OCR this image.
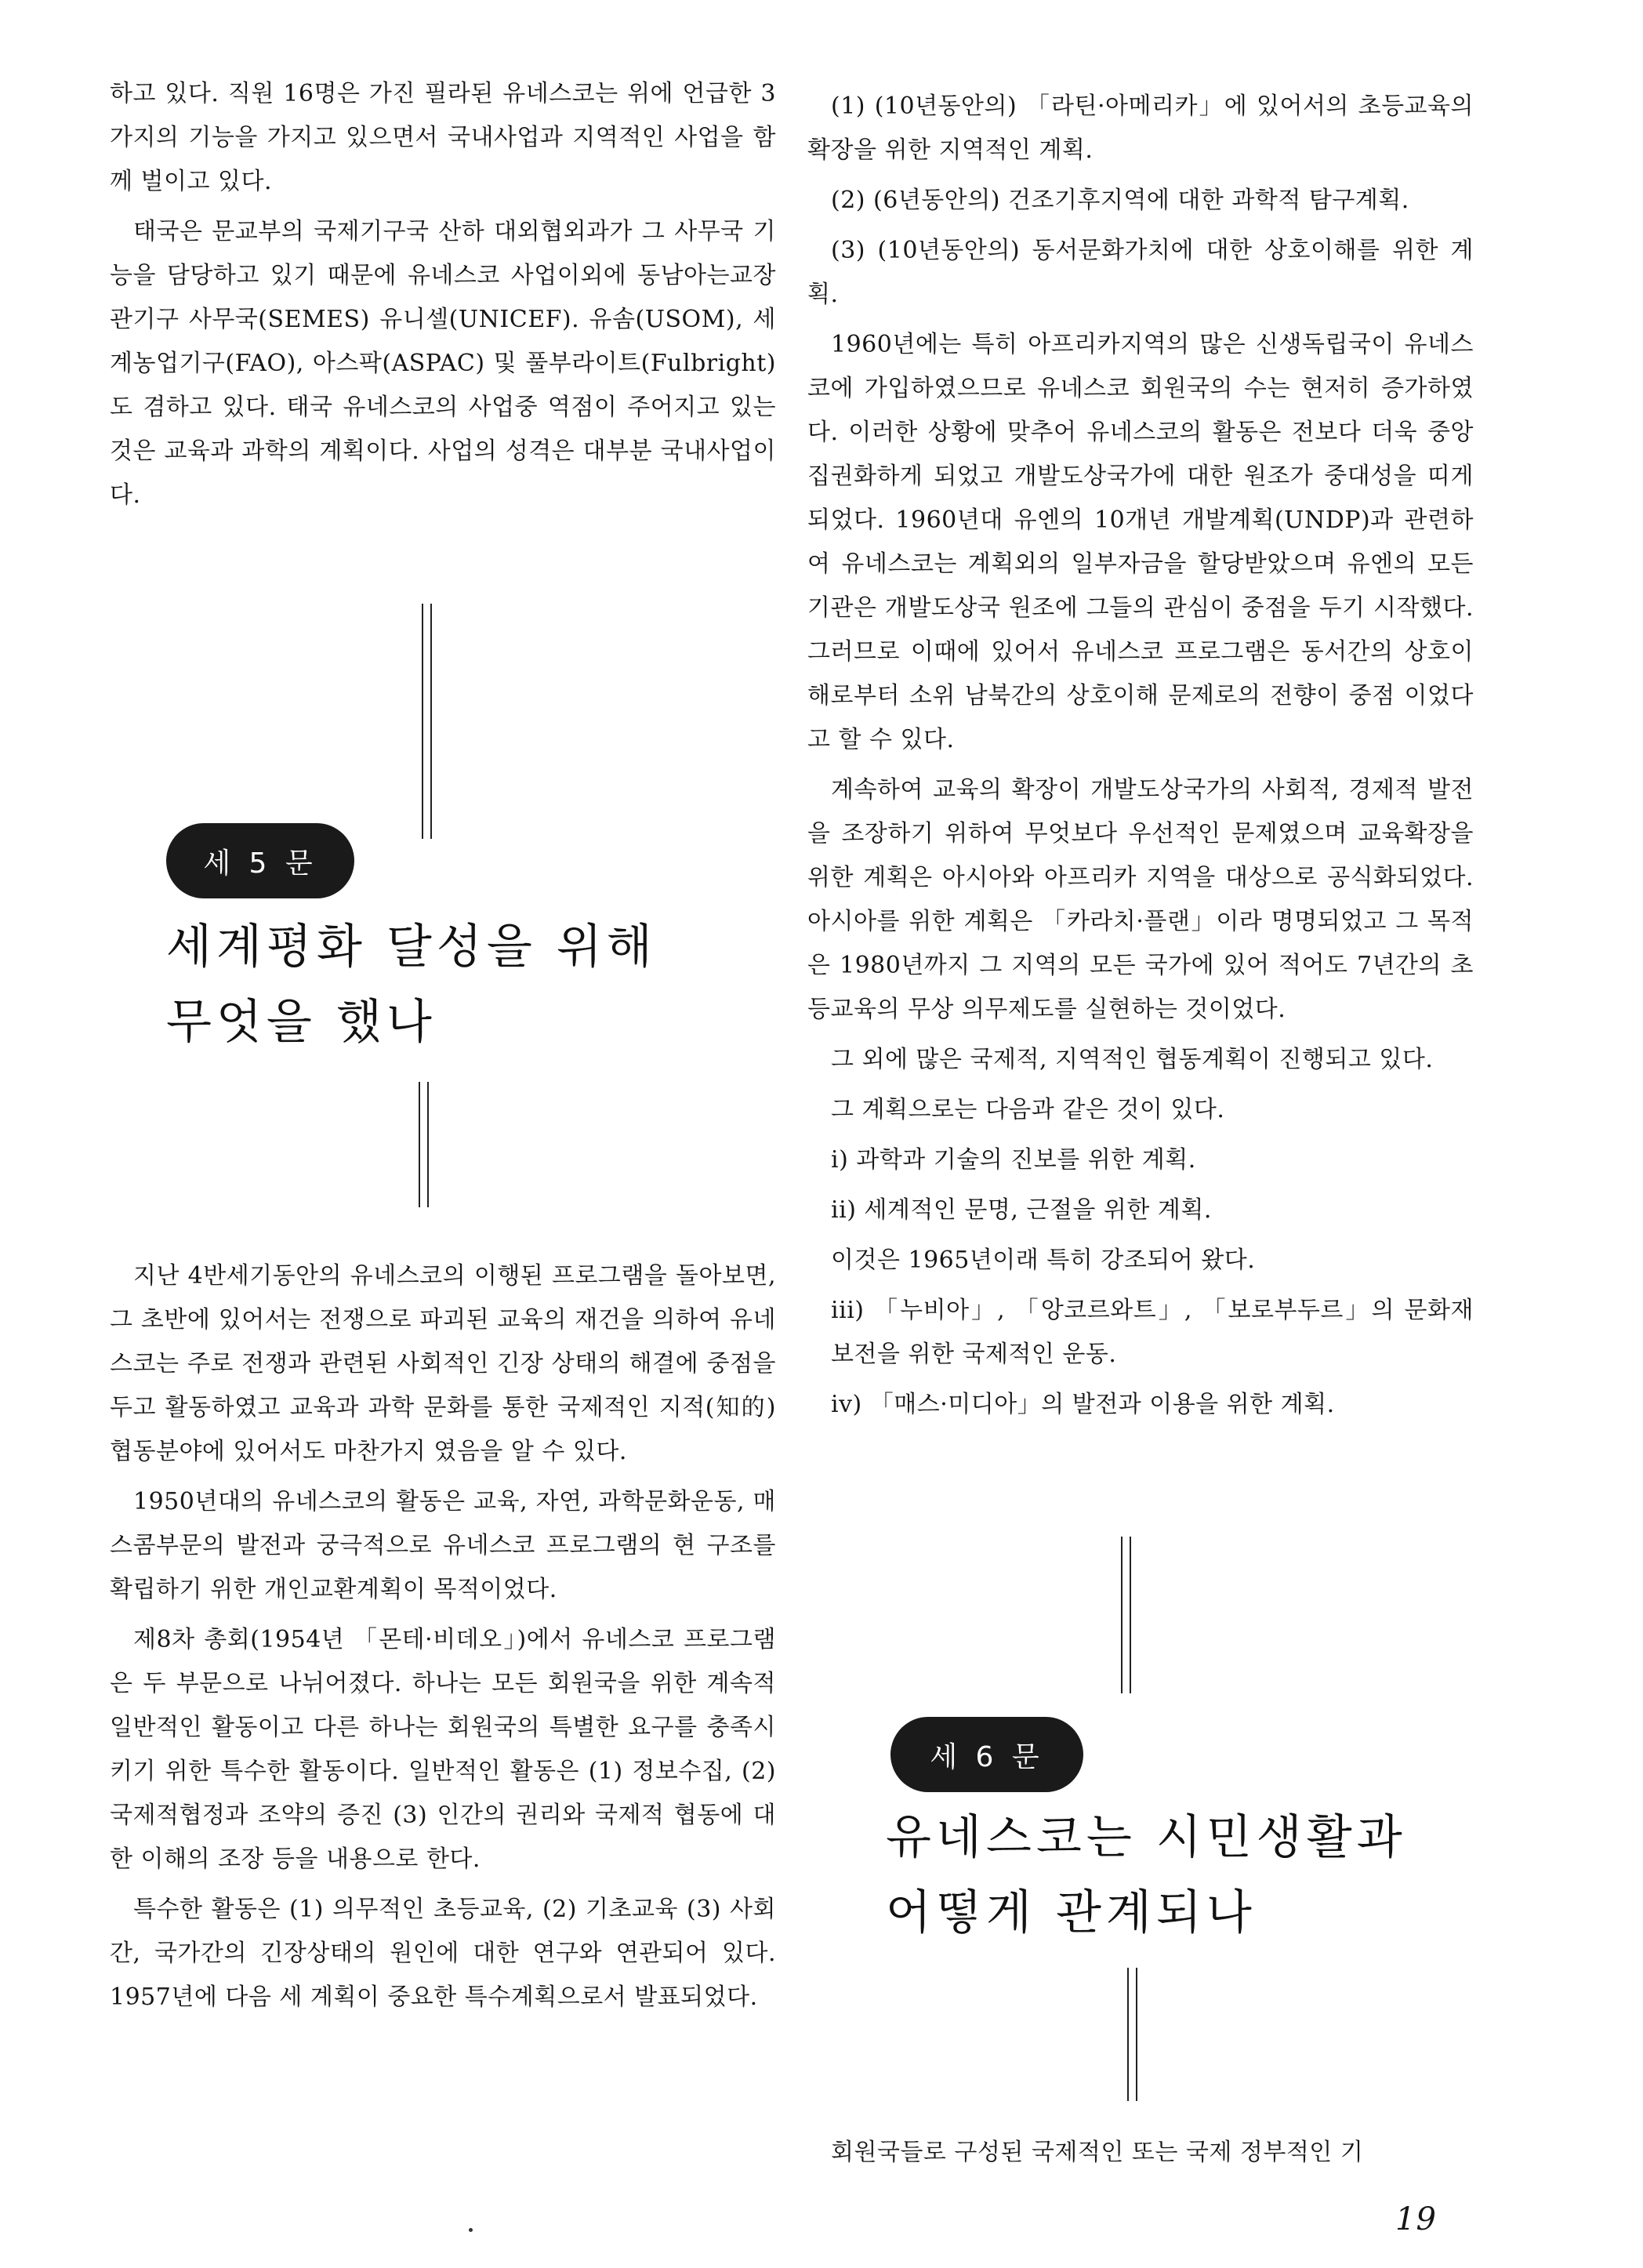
하고 있다. 직원 16명은 가진 필라된 유네스코는 위에 언급한 3가지의 기능을 가지고 있으면서 국내사업과 지역적인 사업을 함께 벌이고 있다.

태국은 문교부의 국제기구국 산하 대외협외과가 그 사무국 기능을 담당하고 있기 때문에 유네스코 사업이외에 동남아는교장관기구 사무국(SEMES) 유니셀(UNICEF). 유솜(USOM), 세계농업기구(FAO), 아스팍(ASPAC) 및 풀부라이트(Fulbright)도 겸하고 있다. 태국 유네스코의 사업중 역점이 주어지고 있는 것은 교육과 과학의 계획이다. 사업의 성격은 대부분 국내사업이다.

세 5 문
세계평화 달성을 위해
무엇을 했나

지난 4반세기동안의 유네스코의 이행된 프로그램을 돌아보면, 그 초반에 있어서는 전쟁으로 파괴된 교육의 재건을 의하여 유네스코는 주로 전쟁과 관련된 사회적인 긴장 상태의 해결에 중점을 두고 활동하였고 교육과 과학 문화를 통한 국제적인 지적(知的)협동분야에 있어서도 마찬가지 였음을 알 수 있다.

1950년대의 유네스코의 활동은 교육, 자연, 과학문화운동, 매스콤부문의 발전과 궁극적으로 유네스코 프로그램의 현 구조를 확립하기 위한 개인교환계획이 목적이었다.

제8차 총회(1954년 「몬테·비데오」)에서 유네스코 프로그램은 두 부문으로 나뉘어졌다. 하나는 모든 회원국을 위한 계속적 일반적인 활동이고 다른 하나는 회원국의 특별한 요구를 충족시키기 위한 특수한 활동이다. 일반적인 활동은 (1) 정보수집, (2) 국제적협정과 조약의 증진 (3) 인간의 권리와 국제적 협동에 대한 이해의 조장 등을 내용으로 한다.

특수한 활동은 (1) 의무적인 초등교육, (2) 기초교육 (3) 사회간, 국가간의 긴장상태의 원인에 대한 연구와 연관되어 있다. 1957년에 다음 세 계획이 중요한 특수계획으로서 발표되었다.

(1) (10년동안의) 「라틴·아메리카」에 있어서의 초등교육의 확장을 위한 지역적인 계획.

(2) (6년동안의) 건조기후지역에 대한 과학적 탐구계획.

(3) (10년동안의) 동서문화가치에 대한 상호이해를 위한 계획.

1960년에는 특히 아프리카지역의 많은 신생독립국이 유네스코에 가입하였으므로 유네스코 회원국의 수는 현저히 증가하였다. 이러한 상황에 맞추어 유네스코의 활동은 전보다 더욱 중앙집권화하게 되었고 개발도상국가에 대한 원조가 중대성을 띠게 되었다. 1960년대 유엔의 10개년 개발계획(UNDP)과 관련하여 유네스코는 계획외의 일부자금을 할당받았으며 유엔의 모든 기관은 개발도상국 원조에 그들의 관심이 중점을 두기 시작했다. 그러므로 이때에 있어서 유네스코 프로그램은 동서간의 상호이해로부터 소위 남북간의 상호이해 문제로의 전향이 중점 이었다고 할 수 있다.

계속하여 교육의 확장이 개발도상국가의 사회적, 경제적 발전을 조장하기 위하여 무엇보다 우선적인 문제였으며 교육확장을 위한 계획은 아시아와 아프리카 지역을 대상으로 공식화되었다. 아시아를 위한 계획은 「카라치·플랜」이라 명명되었고 그 목적은 1980년까지 그 지역의 모든 국가에 있어 적어도 7년간의 초등교육의 무상 의무제도를 실현하는 것이었다.

그 외에 많은 국제적, 지역적인 협동계획이 진행되고 있다.

그 계획으로는 다음과 같은 것이 있다.

i) 과학과 기술의 진보를 위한 계획.

ii) 세계적인 문명, 근절을 위한 계획.

이것은 1965년이래 특히 강조되어 왔다.

iii) 「누비아」, 「앙코르와트」, 「보로부두르」의 문화재 보전을 위한 국제적인 운동.

iv) 「매스·미디아」의 발전과 이용을 위한 계획.

세 6 문
유네스코는 시민생활과
어떻게 관계되나

회원국들로 구성된 국제적인 또는 국제 정부적인 기

19
